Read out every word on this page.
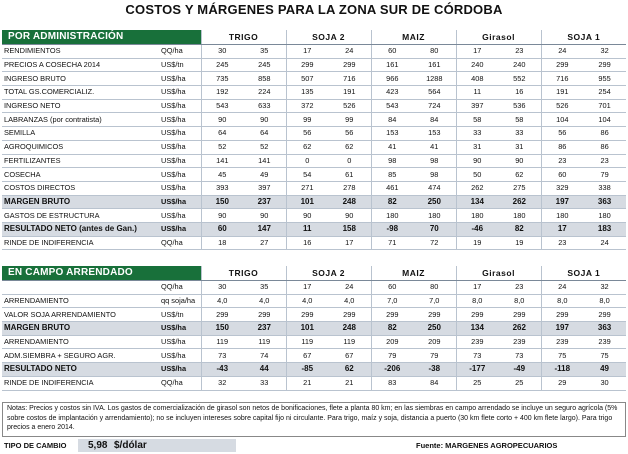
COSTOS Y MÁRGENES PARA LA ZONA SUR DE CÓRDOBA
POR ADMINISTRACIÓN		TRIGO		SOJA 2		MAIZ		Girasol		SOJA 1	
RENDIMIENTOS	QQ/ha	30	35	17	24	60	80	17	23	24	32
PRECIOS A COSECHA 2014	US$/tn	245	245	299	299	161	161	240	240	299	299
INGRESO BRUTO	US$/ha	735	858	507	716	966	1288	408	552	716	955
TOTAL GS.COMERCIALIZ.	US$/ha	192	224	135	191	423	564	11	16	191	254
INGRESO NETO	US$/ha	543	633	372	526	543	724	397	536	526	701
LABRANZAS (por contratista)	US$/ha	90	90	99	99	84	84	58	58	104	104
SEMILLA	US$/ha	64	64	56	56	153	153	33	33	56	86
AGROQUIMICOS	US$/ha	52	52	62	62	41	41	31	31	86	86
FERTILIZANTES	US$/ha	141	141	0	0	98	98	90	90	23	23
COSECHA	US$/ha	45	49	54	61	85	98	50	62	60	79
COSTOS DIRECTOS	US$/ha	393	397	271	278	461	474	262	275	329	338
MARGEN BRUTO	US$/ha	150	237	101	248	82	250	134	262	197	363
GASTOS DE ESTRUCTURA	US$/ha	90	90	90	90	180	180	180	180	180	180
RESULTADO NETO (antes de Gan.)	US$/ha	60	147	11	158	-98	70	-46	82	17	183
RINDE DE INDIFERENCIA	QQ/ha	18	27	16	17	71	72	19	19	23	24
EN CAMPO ARRENDADO		TRIGO		SOJA 2		MAIZ		Girasol		SOJA 1	
	QQ/ha	30	35	17	24	60	80	17	23	24	32
ARRENDAMIENTO	qq soja/ha	4,0	4,0	4,0	4,0	7,0	7,0	8,0	8,0	8,0	8,0
VALOR SOJA ARRENDAMIENTO	US$/tn	299	299	299	299	299	299	299	299	299	299
MARGEN BRUTO	US$/ha	150	237	101	248	82	250	134	262	197	363
ARRENDAMIENTO	US$/ha	119	119	119	119	209	209	239	239	239	239
ADM.SIEMBRA + SEGURO AGR.	US$/ha	73	74	67	67	79	79	73	73	75	75
RESULTADO NETO	US$/ha	-43	44	-85	62	-206	-38	-177	-49	-118	49
RINDE DE INDIFERENCIA	QQ/ha	32	33	21	21	83	84	25	25	29	30
Notas: Precios y costos sin IVA. Los gastos de comercialización de girasol son netos de bonificaciones, flete a planta 80 km; en las siembras en campo arrendado se incluye un seguro agrícola (5% sobre costos de implantación y arrendamiento); no se incluyen intereses sobre capital fijo ni circulante. Para trigo, maíz y soja, distancia a puerto (30 km flete corto + 400 km flete largo). Para trigo precios a enero 2014.
TIPO DE CAMBIO 5,98 $/dólar	Fuente: MARGENES AGROPECUARIOS
